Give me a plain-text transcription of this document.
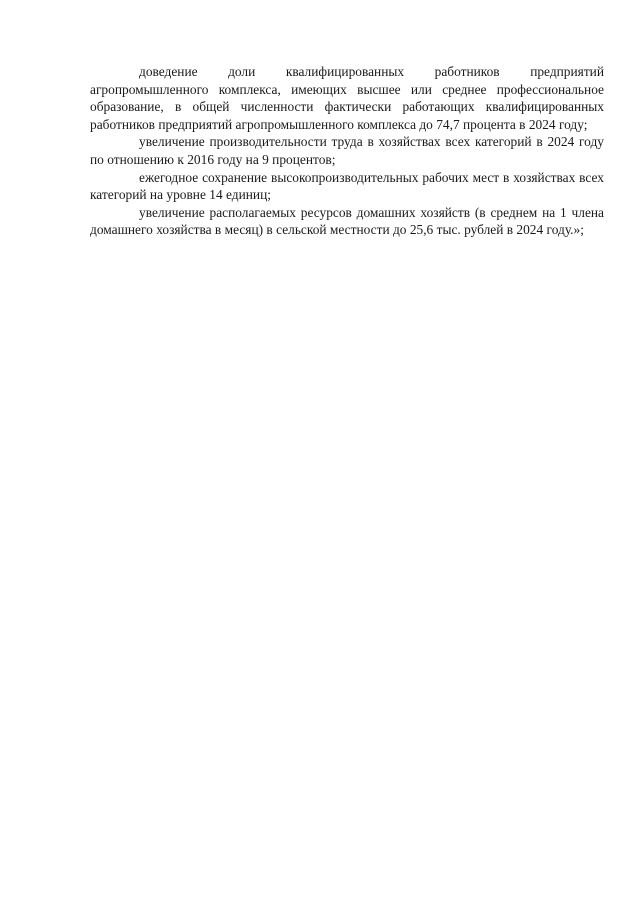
доведение доли квалифицированных работников предприятий агропромышленного комплекса, имеющих высшее или среднее профессиональное образование, в общей численности фактически работающих квалифицированных работников предприятий агропромышленного комплекса до 74,7 процента в 2024 году;

увеличение производительности труда в хозяйствах всех категорий в 2024 году по отношению к 2016 году на 9 процентов;

ежегодное сохранение высокопроизводительных рабочих мест в хозяйствах всех категорий на уровне 14 единиц;

увеличение располагаемых ресурсов домашних хозяйств (в среднем на 1 члена домашнего хозяйства в месяц) в сельской местности до 25,6 тыс. рублей в 2024 году.»;
